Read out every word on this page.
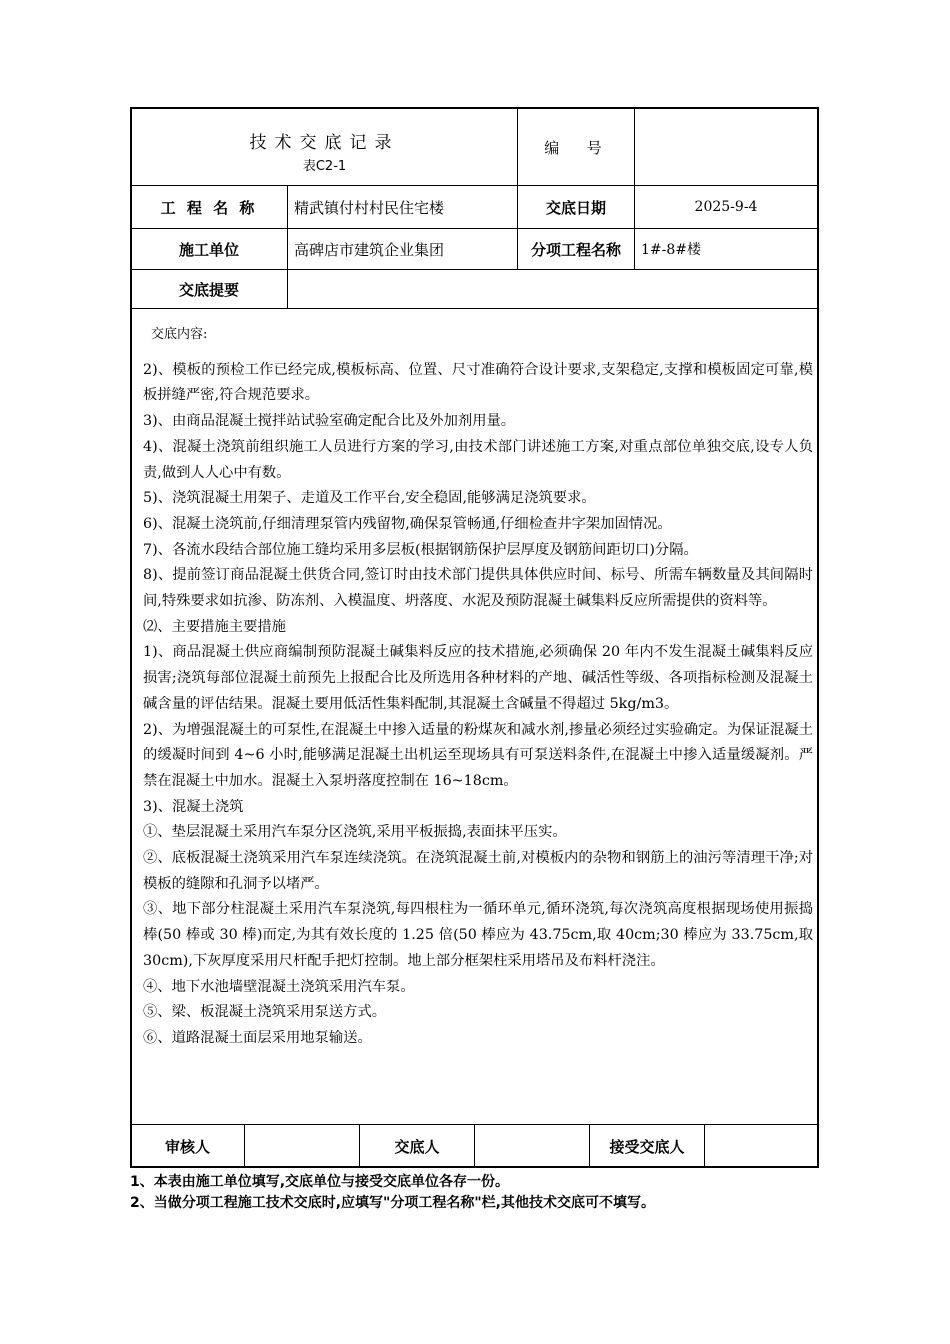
技术交底记录
表C2-1
编  号
工 程 名 称	精武镇付村村民住宅楼	交底日期	2025-9-4
施工单位	高碑店市建筑企业集团	分项工程名称	1#-8#楼
交底提要
交底内容:

2)、模板的预检工作已经完成,模板标高、位置、尺寸准确符合设计要求,支架稳定,支撑和模板固定可靠,模板拼缝严密,符合规范要求。

3)、由商品混凝土搅拌站试验室确定配合比及外加剂用量。

4)、混凝土浇筑前组织施工人员进行方案的学习,由技术部门讲述施工方案,对重点部位单独交底,设专人负责,做到人人心中有数。

5)、浇筑混凝土用架子、走道及工作平台,安全稳固,能够满足浇筑要求。

6)、混凝土浇筑前,仔细清理泵管内残留物,确保泵管畅通,仔细检查井字架加固情况。

7)、各流水段结合部位施工缝均采用多层板(根据钢筋保护层厚度及钢筋间距切口)分隔。

8)、提前签订商品混凝土供货合同,签订时由技术部门提供具体供应时间、标号、所需车辆数量及其间隔时间,特殊要求如抗渗、防冻剂、入模温度、坍落度、水泥及预防混凝土碱集料反应所需提供的资料等。

⑵、主要措施主要措施

1)、商品混凝土供应商编制预防混凝土碱集料反应的技术措施,必须确保 20 年内不发生混凝土碱集料反应损害;浇筑每部位混凝土前预先上报配合比及所选用各种材料的产地、碱活性等级、各项指标检测及混凝土碱含量的评估结果。混凝土要用低活性集料配制,其混凝土含碱量不得超过 5kg/m3。

2)、为增强混凝土的可泵性,在混凝土中掺入适量的粉煤灰和减水剂,掺量必须经过实验确定。为保证混凝土的缓凝时间到 4~6 小时,能够满足混凝土出机运至现场具有可泵送料条件,在混凝土中掺入适量缓凝剂。严禁在混凝土中加水。混凝土入泵坍落度控制在 16~18cm。

3)、混凝土浇筑

①、垫层混凝土采用汽车泵分区浇筑,采用平板振捣,表面抹平压实。

②、底板混凝土浇筑采用汽车泵连续浇筑。在浇筑混凝土前,对模板内的杂物和钢筋上的油污等清理干净;对模板的缝隙和孔洞予以堵严。

③、地下部分柱混凝土采用汽车泵浇筑,每四根柱为一循环单元,循环浇筑,每次浇筑高度根据现场使用振捣棒(50 棒或 30 棒)而定,为其有效长度的 1.25 倍(50 棒应为 43.75cm,取 40cm;30 棒应为 33.75cm,取 30cm),下灰厚度采用尺杆配手把灯控制。地上部分框架柱采用塔吊及布料杆浇注。

④、地下水池墙壁混凝土浇筑采用汽车泵。

⑤、梁、板混凝土浇筑采用泵送方式。

⑥、道路混凝土面层采用地泵输送。

审核人	交底人	接受交底人

1、本表由施工单位填写,交底单位与接受交底单位各存一份。

2、当做分项工程施工技术交底时,应填写"分项工程名称"栏,其他技术交底可不填写。
